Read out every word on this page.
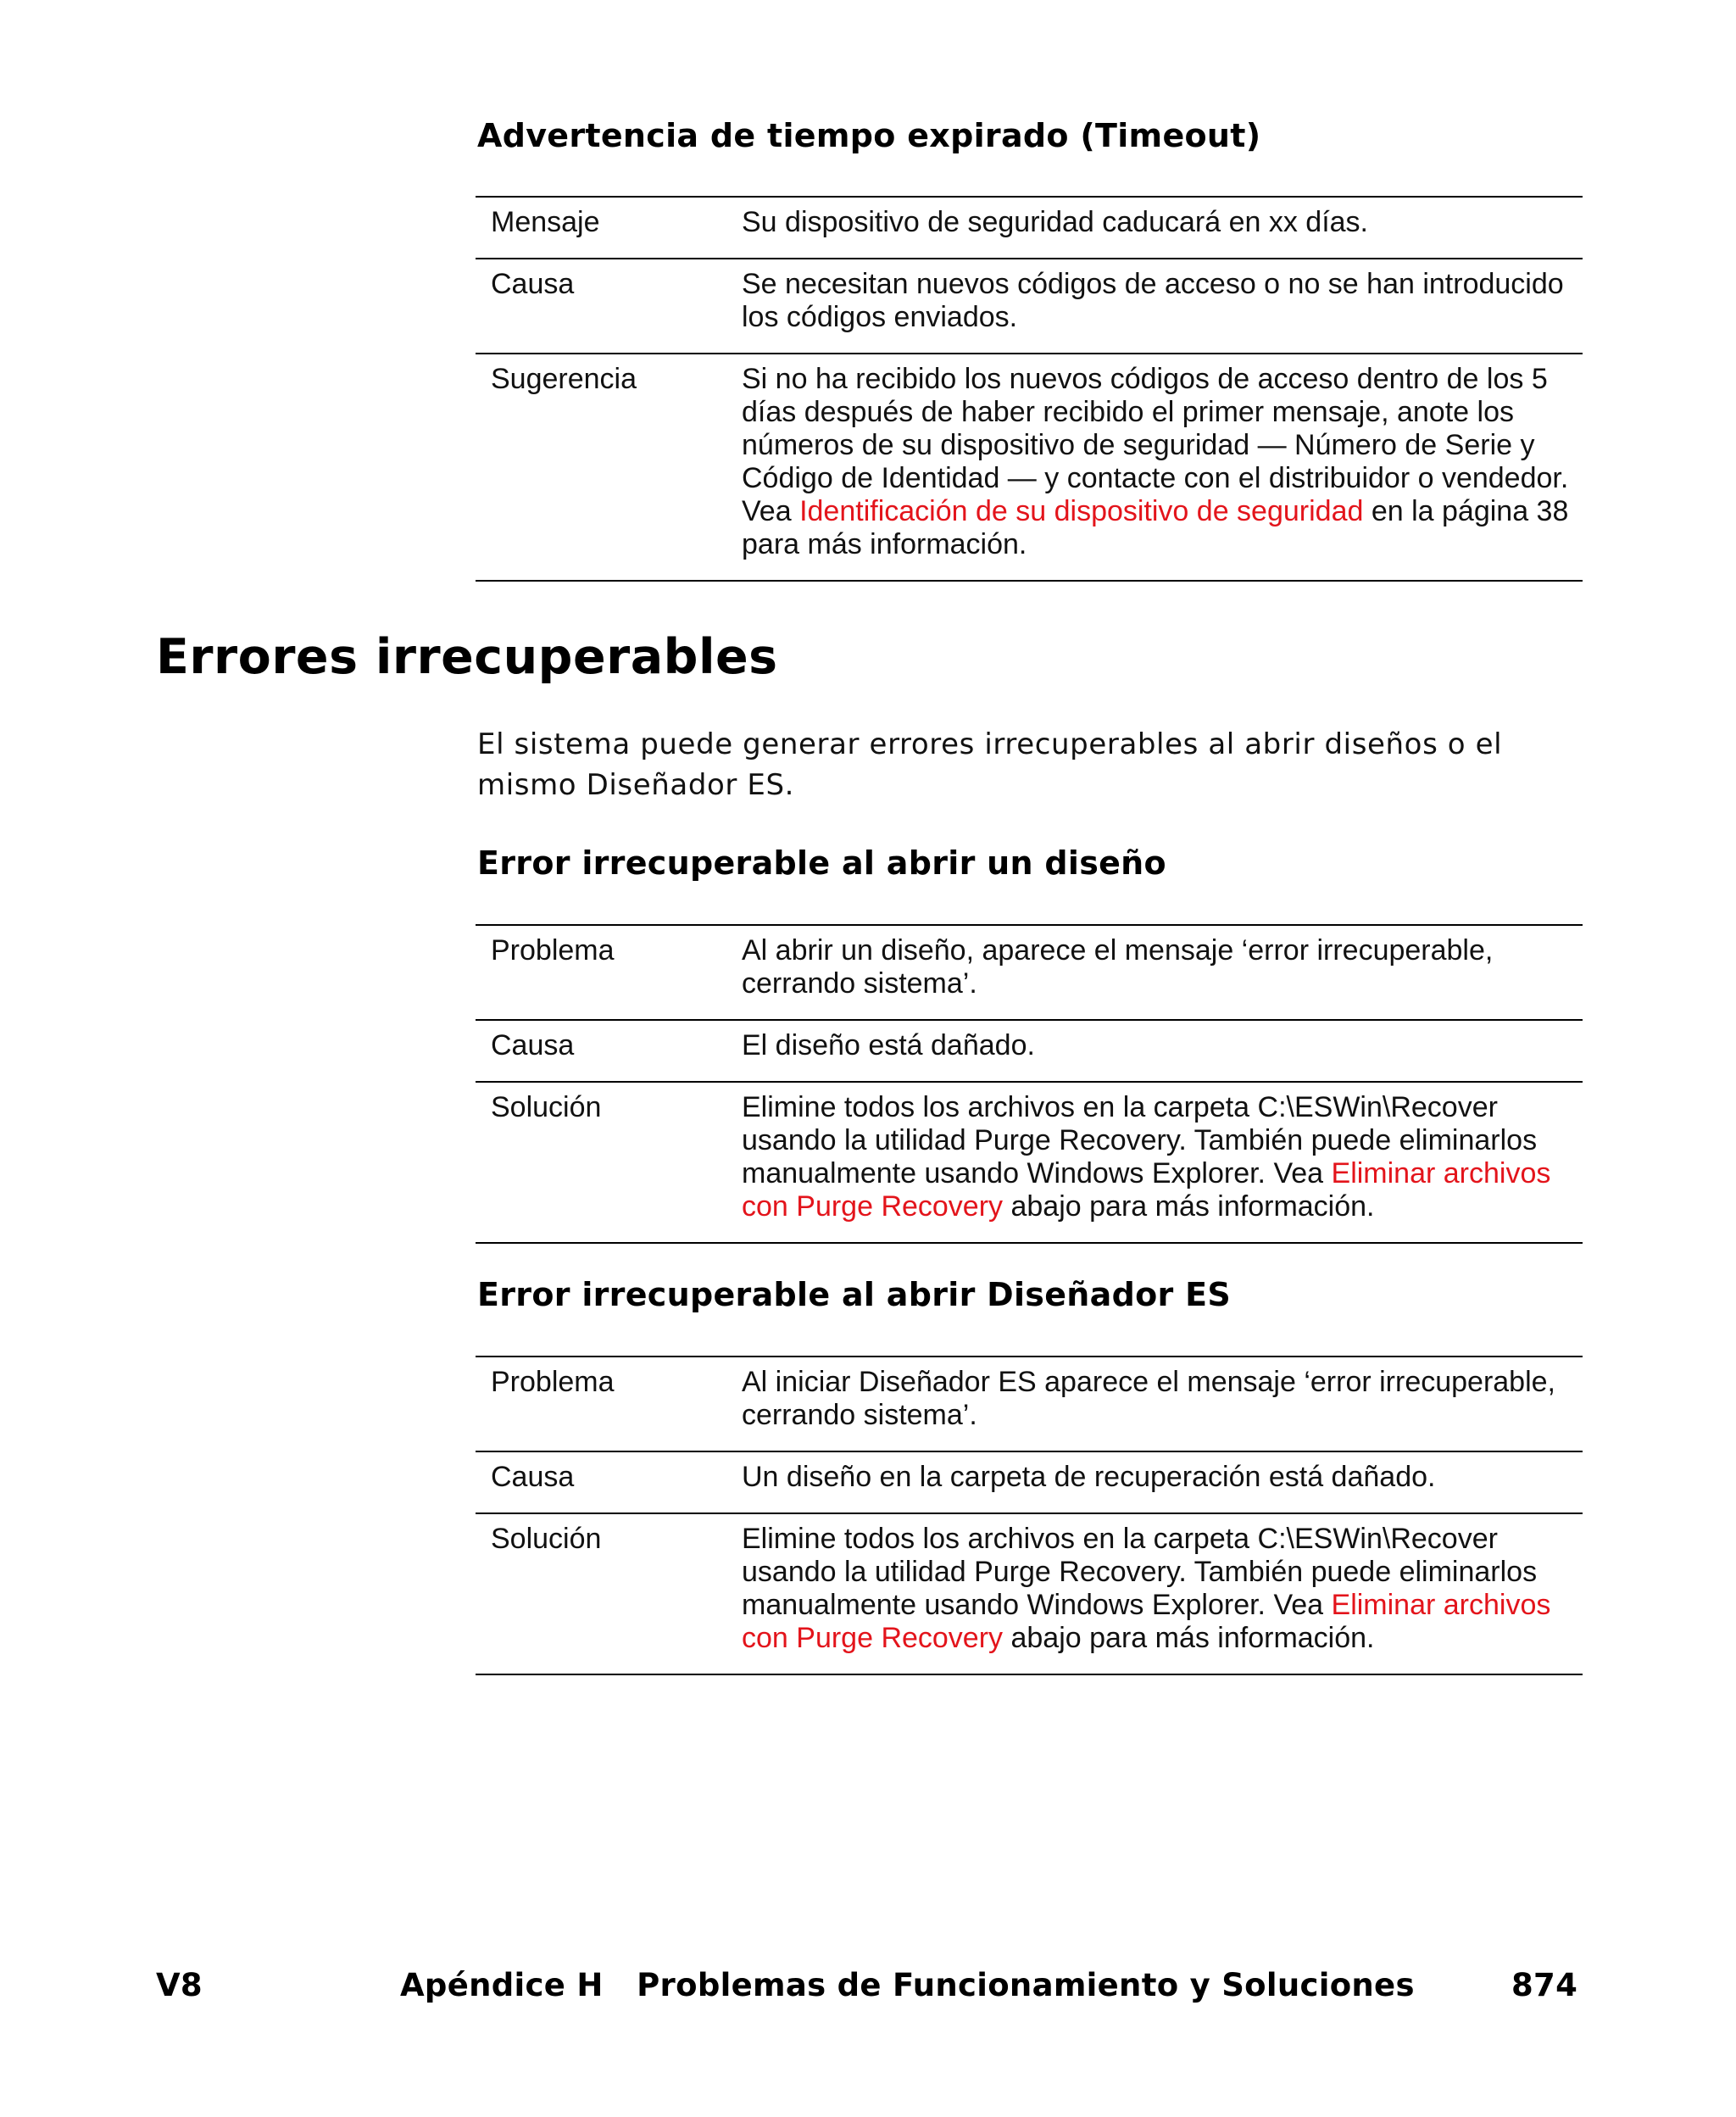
Advertencia de tiempo expirado (Timeout)
Mensaje	Su dispositivo de seguridad caducará en xx días.
Causa	Se necesitan nuevos códigos de acceso o no se han introducido los códigos enviados.
Sugerencia	Si no ha recibido los nuevos códigos de acceso dentro de los 5 días después de haber recibido el primer mensaje, anote los números de su dispositivo de seguridad — Número de Serie y Código de Identidad — y contacte con el distribuidor o vendedor. Vea Identificación de su dispositivo de seguridad en la página 38 para más información.
Errores irrecuperables

El sistema puede generar errores irrecuperables al abrir diseños o el mismo Diseñador ES.

Error irrecuperable al abrir un diseño
Problema	Al abrir un diseño, aparece el mensaje ‘error irrecuperable, cerrando sistema’.
Causa	El diseño está dañado.
Solución	Elimine todos los archivos en la carpeta C:\ESWin\Recover usando la utilidad Purge Recovery. También puede eliminarlos manualmente usando Windows Explorer. Vea Eliminar archivos con Purge Recovery abajo para más información.
Error irrecuperable al abrir Diseñador ES
Problema	Al iniciar Diseñador ES aparece el mensaje ‘error irrecuperable, cerrando sistema’.
Causa	Un diseño en la carpeta de recuperación está dañado.
Solución	Elimine todos los archivos en la carpeta C:\ESWin\Recover usando la utilidad Purge Recovery. También puede eliminarlos manualmente usando Windows Explorer. Vea Eliminar archivos con Purge Recovery abajo para más información.
V8	Apéndice H   Problemas de Funcionamiento y Soluciones	874
